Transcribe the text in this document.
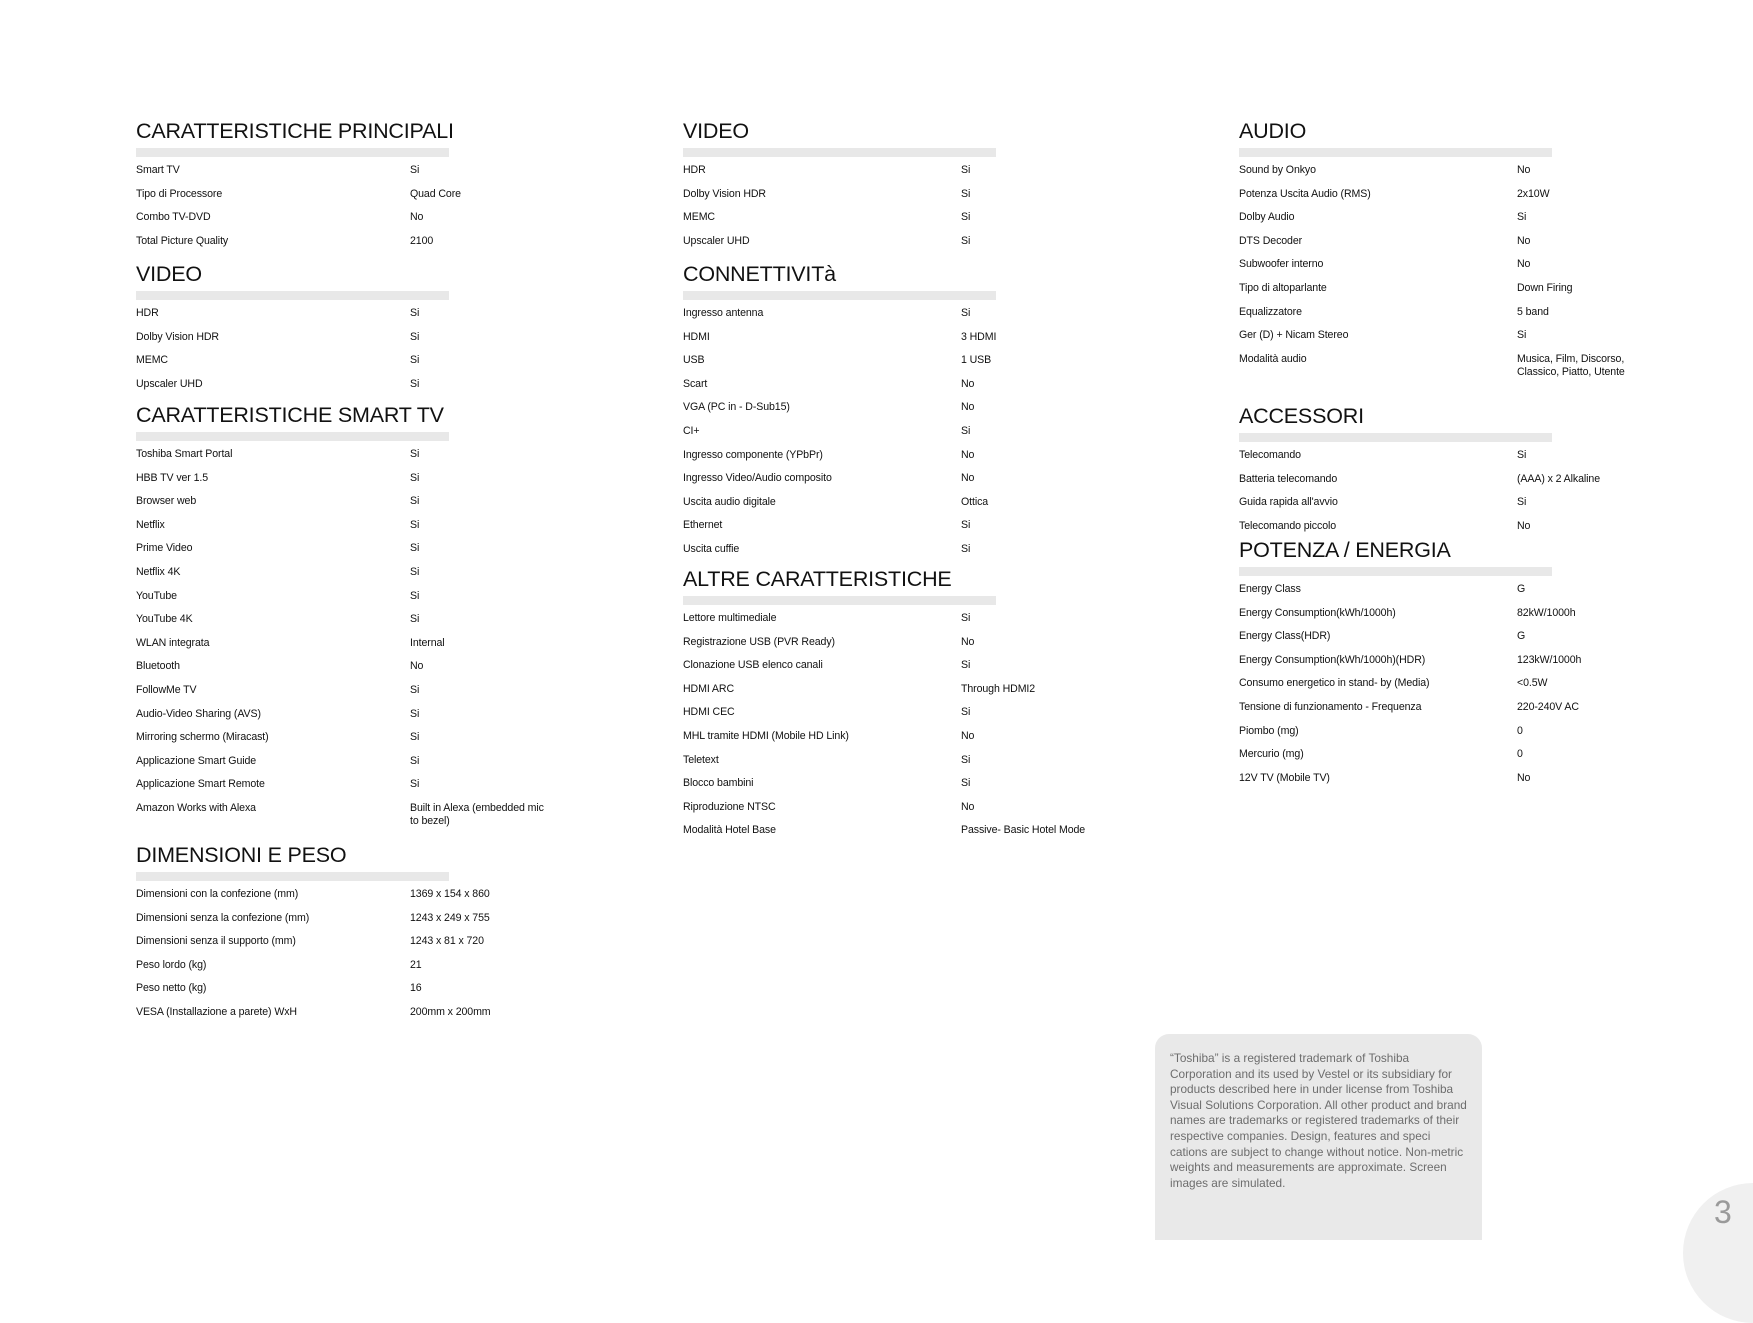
CARATTERISTICHE PRINCIPALI
Smart TV	Si
Tipo di Processore	Quad Core
Combo TV-DVD	No
Total Picture Quality	2100
VIDEO
HDR	Si
Dolby Vision HDR	Si
MEMC	Si
Upscaler UHD	Si
CARATTERISTICHE SMART TV
Toshiba Smart Portal	Si
HBB TV ver 1.5	Si
Browser web	Si
Netflix	Si
Prime Video	Si
Netflix 4K	Si
YouTube	Si
YouTube 4K	Si
WLAN integrata	Internal
Bluetooth	No
FollowMe TV	Si
Audio-Video Sharing (AVS)	Si
Mirroring schermo (Miracast)	Si
Applicazione Smart Guide	Si
Applicazione Smart Remote	Si
Amazon Works with Alexa	Built in Alexa (embedded mic to bezel)
DIMENSIONI E PESO
Dimensioni con la confezione (mm)	1369 x 154 x 860
Dimensioni senza la confezione (mm)	1243 x 249 x 755
Dimensioni senza il supporto (mm)	1243 x 81 x 720
Peso lordo (kg)	21
Peso netto (kg)	16
VESA (Installazione a parete) WxH	200mm x 200mm
VIDEO
HDR	Si
Dolby Vision HDR	Si
MEMC	Si
Upscaler UHD	Si
CONNETTIVITà
Ingresso antenna	Si
HDMI	3 HDMI
USB	1 USB
Scart	No
VGA (PC in - D-Sub15)	No
CI+	Si
Ingresso componente (YPbPr)	No
Ingresso Video/Audio composito	No
Uscita audio digitale	Ottica
Ethernet	Si
Uscita cuffie	Si
ALTRE CARATTERISTICHE
Lettore multimediale	Si
Registrazione USB (PVR Ready)	No
Clonazione USB elenco canali	Si
HDMI ARC	Through HDMI2
HDMI CEC	Si
MHL tramite HDMI (Mobile HD Link)	No
Teletext	Si
Blocco bambini	Si
Riproduzione NTSC	No
Modalità Hotel Base	Passive- Basic Hotel Mode
AUDIO
Sound by Onkyo	No
Potenza Uscita Audio (RMS)	2x10W
Dolby Audio	Si
DTS Decoder	No
Subwoofer interno	No
Tipo di altoparlante	Down Firing
Equalizzatore	5 band
Ger (D) + Nicam Stereo	Si
Modalità audio	Musica, Film, Discorso, Classico, Piatto, Utente
ACCESSORI
Telecomando	Si
Batteria telecomando	(AAA) x 2 Alkaline
Guida rapida all'avvio	Si
Telecomando piccolo	No
POTENZA / ENERGIA
Energy Class	G
Energy Consumption(kWh/1000h)	82kW/1000h
Energy Class(HDR)	G
Energy Consumption(kWh/1000h)(HDR)	123kW/1000h
Consumo energetico in stand- by (Media)	<0.5W
Tensione di funzionamento - Frequenza	220-240V AC
Piombo (mg)	0
Mercurio (mg)	0
12V TV (Mobile TV)	No

“Toshiba” is a registered trademark of Toshiba Corporation and its used by Vestel or its subsidiary for products described here in under license from Toshiba Visual Solutions Corporation. All other product and brand names are trademarks or registered trademarks of their respective companies. Design, features and speci cations are subject to change without notice. Non-metric weights and measurements are approximate. Screen images are simulated.

3
